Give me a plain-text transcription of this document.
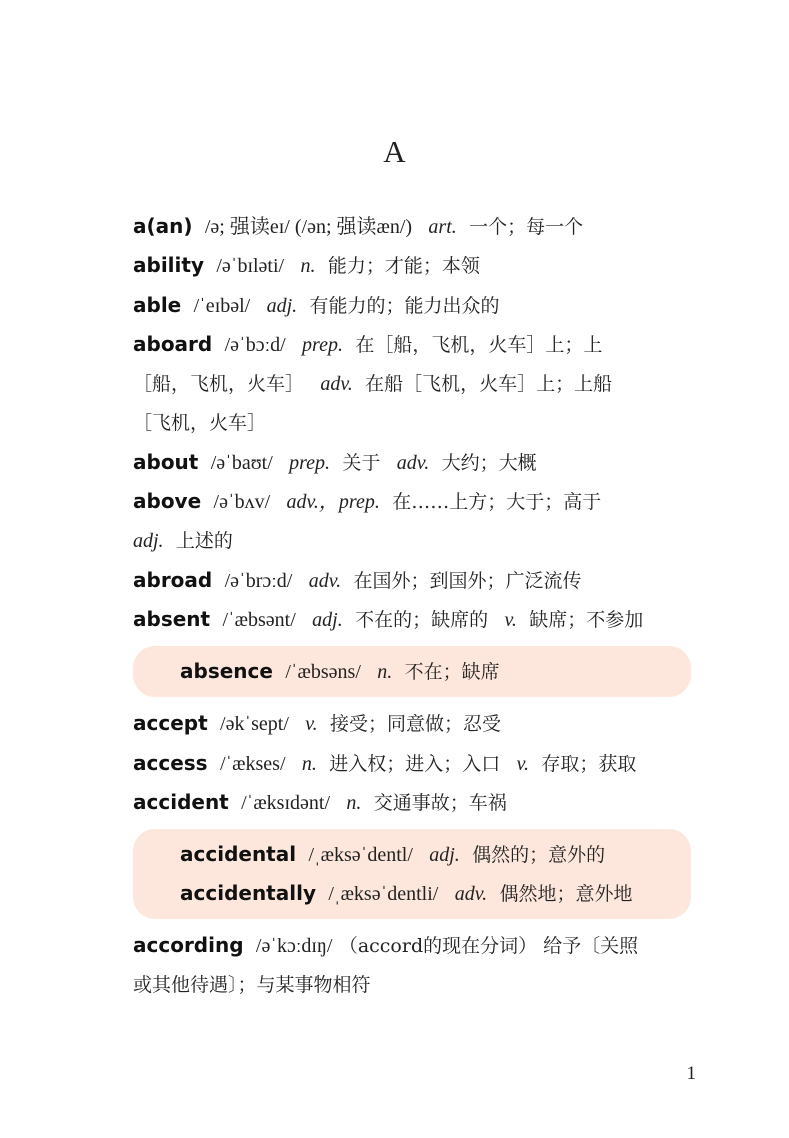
A
a(an) /ə; 强读eɪ/ (/ən; 强读æn/) art. 一个；每一个
ability /əˈbɪləti/ n. 能力；才能；本领
able /ˈeɪbəl/ adj. 有能力的；能力出众的
aboard /əˈbɔːd/ prep. 在［船，飞机，火车］上；上
［船，飞机，火车］ adv. 在船［飞机，火车］上；上船
［飞机，火车］
about /əˈbaʊt/ prep. 关于 adv. 大约；大概
above /əˈbʌv/ adv.，prep. 在……上方；大于；高于
adj. 上述的
abroad /əˈbrɔːd/ adv. 在国外；到国外；广泛流传
absent /ˈæbsənt/ adj. 不在的；缺席的 v. 缺席；不参加
absence /ˈæbsəns/ n. 不在；缺席
accept /əkˈsept/ v. 接受；同意做；忍受
access /ˈækses/ n. 进入权；进入；入口 v. 存取；获取
accident /ˈæksɪdənt/ n. 交通事故；车祸
accidental /ˌæksəˈdentl/ adj. 偶然的；意外的
accidentally /ˌæksəˈdentli/ adv. 偶然地；意外地
according /əˈkɔːdɪŋ/ （accord的现在分词） 给予〔关照
或其他待遇〕；与某事物相符
1
